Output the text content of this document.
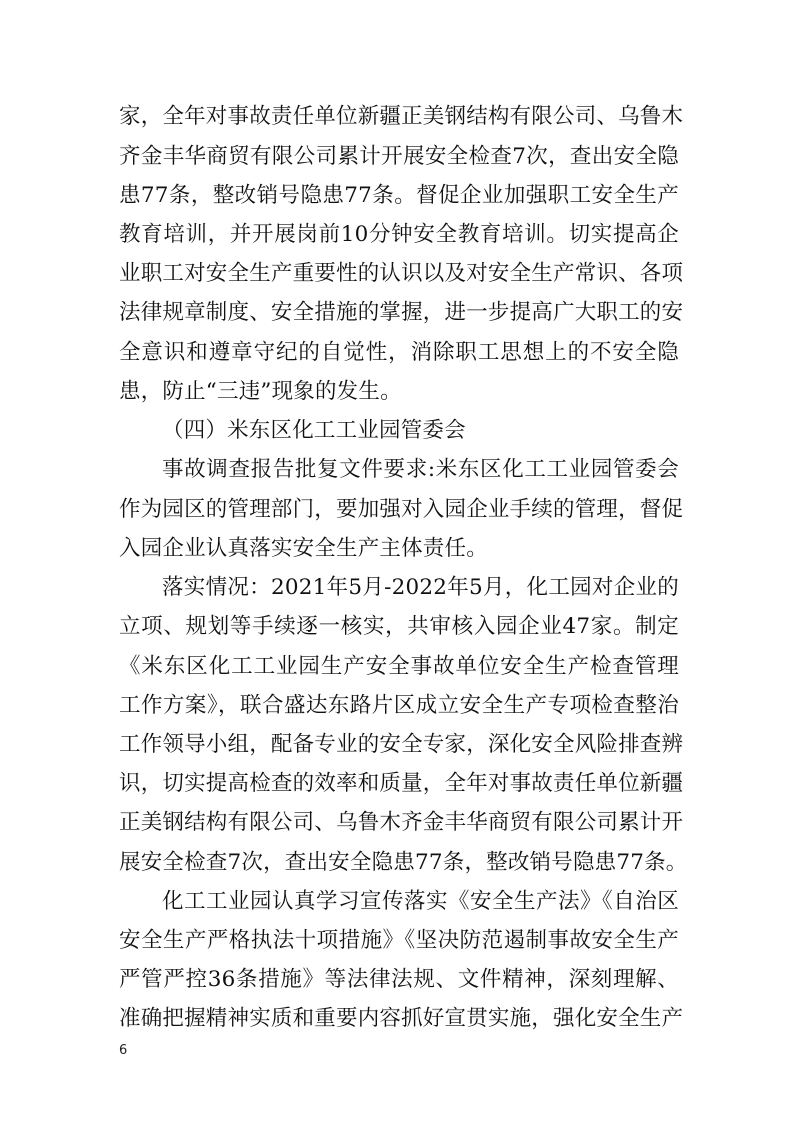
家，全年对事故责任单位新疆正美钢结构有限公司、乌鲁木
齐金丰华商贸有限公司累计开展安全检查7次，查出安全隐
患77条，整改销号隐患77条。督促企业加强职工安全生产
教育培训，并开展岗前10分钟安全教育培训。切实提高企
业职工对安全生产重要性的认识以及对安全生产常识、各项
法律规章制度、安全措施的掌握，进一步提高广大职工的安
全意识和遵章守纪的自觉性，消除职工思想上的不安全隐
患，防止“三违”现象的发生。
（四）米东区化工工业园管委会
事故调查报告批复文件要求:米东区化工工业园管委会
作为园区的管理部门，要加强对入园企业手续的管理，督促
入园企业认真落实安全生产主体责任。
落实情况：2021年5月-2022年5月，化工园对企业的
立项、规划等手续逐一核实，共审核入园企业47家。制定
《米东区化工工业园生产安全事故单位安全生产检查管理
工作方案》，联合盛达东路片区成立安全生产专项检查整治
工作领导小组，配备专业的安全专家，深化安全风险排查辨
识，切实提高检查的效率和质量，全年对事故责任单位新疆
正美钢结构有限公司、乌鲁木齐金丰华商贸有限公司累计开
展安全检查7次，查出安全隐患77条，整改销号隐患77条。
化工工业园认真学习宣传落实《安全生产法》《自治区
安全生产严格执法十项措施》《坚决防范遏制事故安全生产
严管严控36条措施》等法律法规、文件精神，深刻理解、
准确把握精神实质和重要内容抓好宣贯实施，强化安全生产
6
